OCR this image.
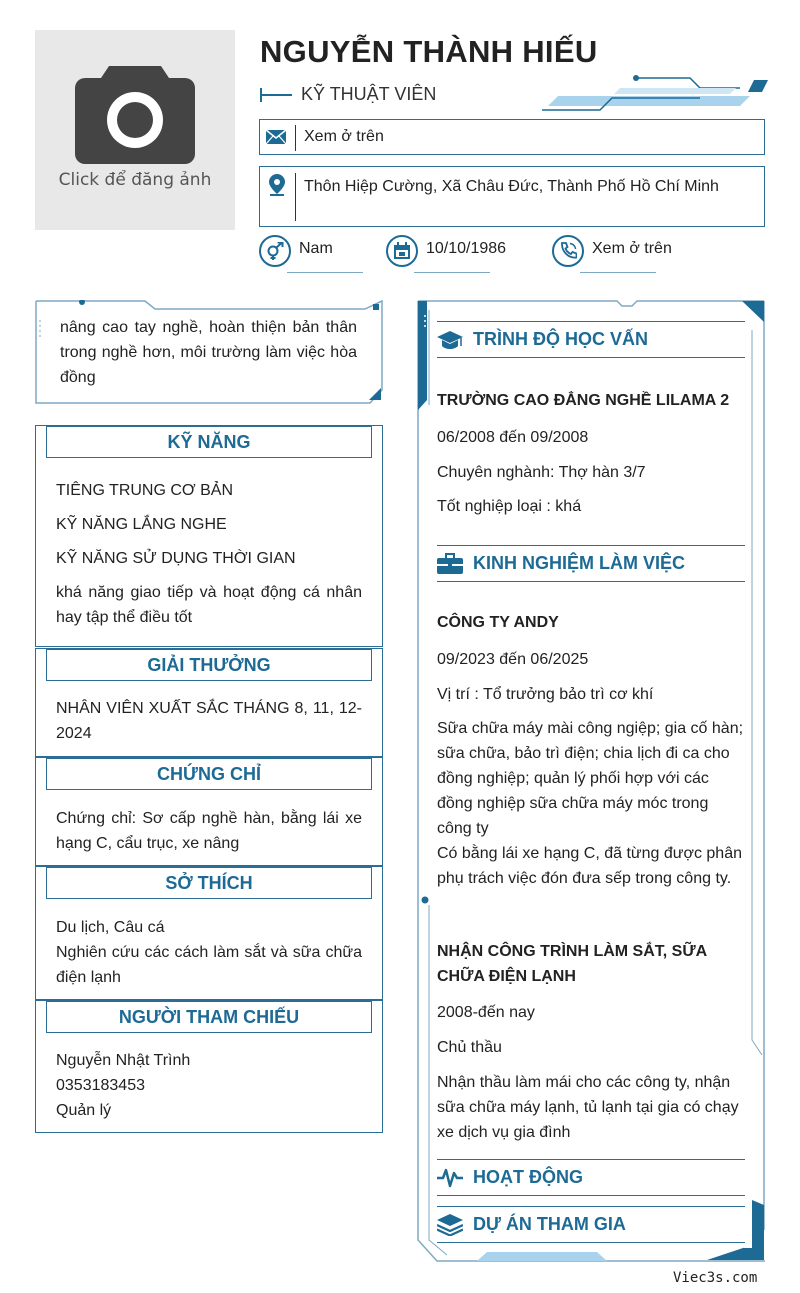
Click để đăng ảnh
NGUYỄN THÀNH HIẾU
KỸ THUẬT VIÊN
Xem ở trên
Thôn Hiệp Cường, Xã Châu Đức, Thành Phố Hồ Chí Minh
Nam	10/10/1986	Xem ở trên
nâng cao tay nghề, hoàn thiện bản thân trong nghề hơn, môi trường làm việc hòa đồng
KỸ NĂNG
TIÊNG TRUNG CƠ BẢN
KỸ NĂNG LẮNG NGHE
KỸ NĂNG SỬ DỤNG THỜI GIAN

khá năng giao tiếp và hoạt động cá nhân hay tập thể điều tốt

GIẢI THƯỞNG

NHÂN VIÊN XUẤT SẮC THÁNG 8, 11, 12-2024

CHỨNG CHỈ

Chứng chỉ: Sơ cấp nghề hàn, bằng lái xe hạng C, cẩu trục, xe nâng

SỞ THÍCH
Du lịch, Câu cá

Nghiên cứu các cách làm sắt và sữa chữa điện lạnh

NGƯỜI THAM CHIẾU
Nguyễn Nhật Trình
0353183453
Quản lý
TRÌNH ĐỘ HỌC VẤN
TRƯỜNG CAO ĐẲNG NGHỀ LILAMA 2
06/2008 đến 09/2008
Chuyên nghành: Thợ hàn 3/7
Tốt nghiệp loại : khá
KINH NGHIỆM LÀM VIỆC
CÔNG TY ANDY
09/2023 đến 06/2025
Vị trí : Tổ trưởng bảo trì cơ khí
Sữa chữa máy mài công ngiệp; gia cố hàn; sữa chữa, bảo trì điện; chia lịch đi ca cho đồng nghiệp; quản lý phối hợp với các đồng nghiệp sữa chữa máy móc trong công ty
Có bằng lái xe hạng C, đã từng được phân phụ trách việc đón đưa sếp trong công ty.
NHẬN CÔNG TRÌNH LÀM SẮT, SỮA CHỮA ĐIỆN LẠNH
2008-đến nay
Chủ thầu
Nhận thầu làm mái cho các công ty, nhận sữa chữa máy lạnh, tủ lạnh tại gia có chạy xe dịch vụ gia đình
HOẠT ĐỘNG
DỰ ÁN THAM GIA
Viec3s.com
